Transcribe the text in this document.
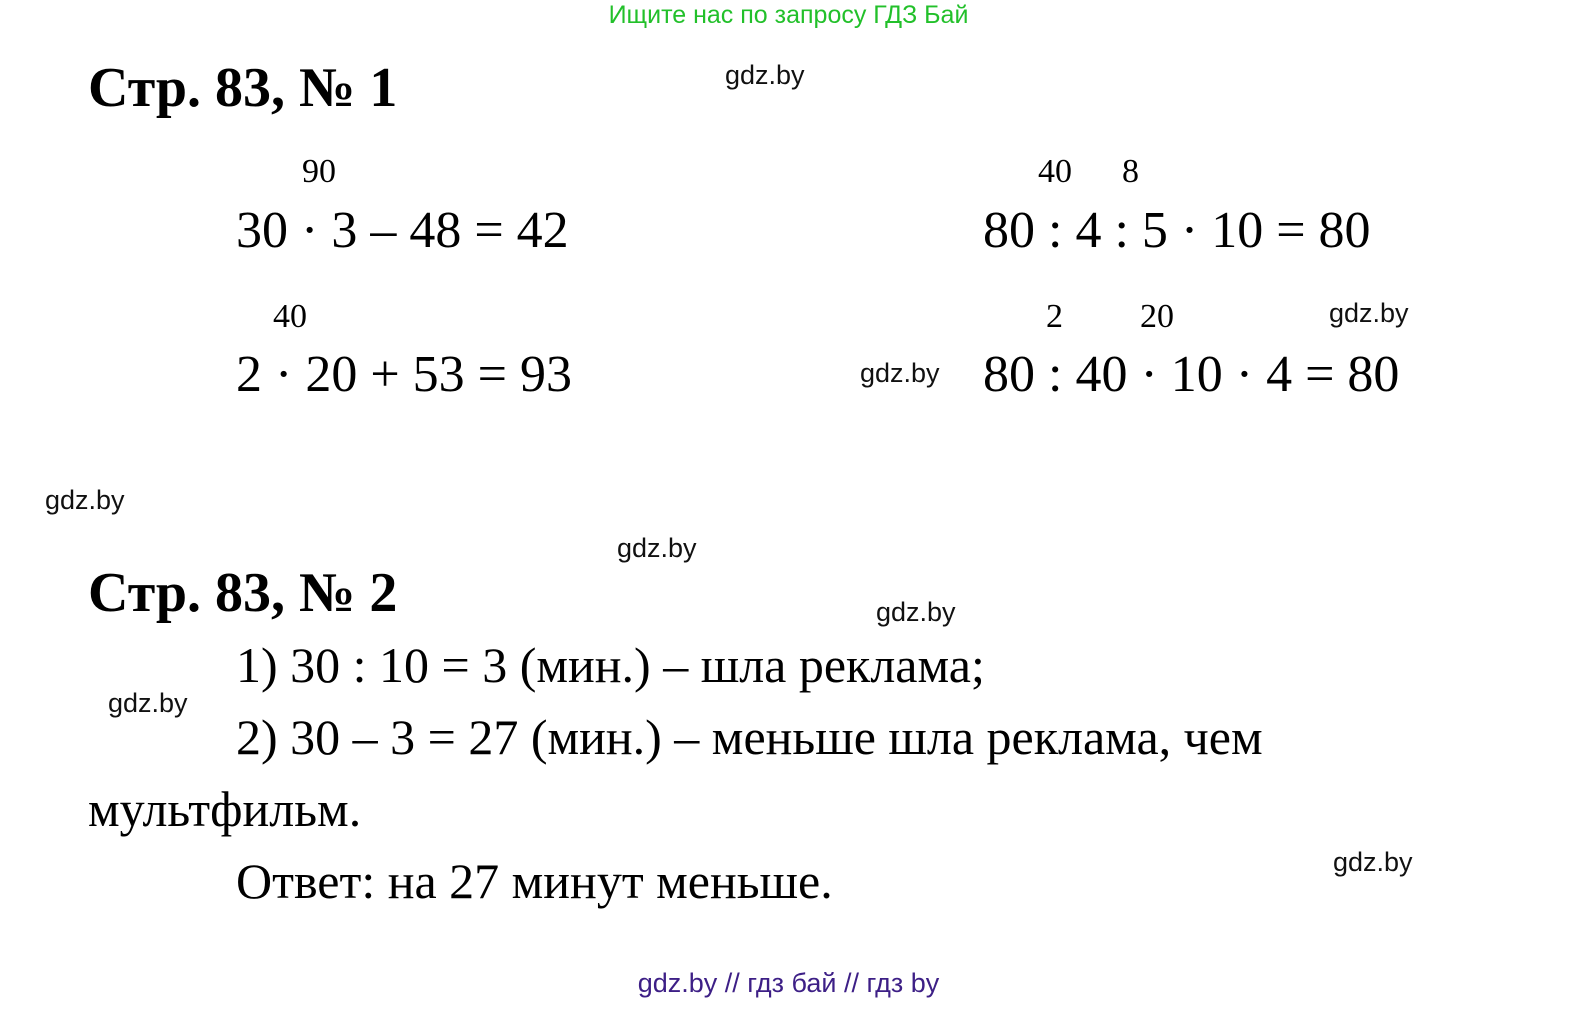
Ищите нас по запросу ГДЗ Бай
Стр. 83, № 1
90
30 · 3 – 48 = 42
40
2 · 20 + 53 = 93
40 8
80 : 4 : 5 · 10 = 80
2 20
80 : 40 · 10 · 4 = 80
Стр. 83, № 2
1) 30 : 10 = 3 (мин.) – шла реклама;
2) 30 – 3 = 27 (мин.) – меньше шла реклама, чем
мультфильм.
Ответ: на 27 минут меньше.
gdz.by
gdz.by
gdz.by
gdz.by
gdz.by
gdz.by
gdz.by
gdz.by
gdz.by // гдз бай // гдз by
